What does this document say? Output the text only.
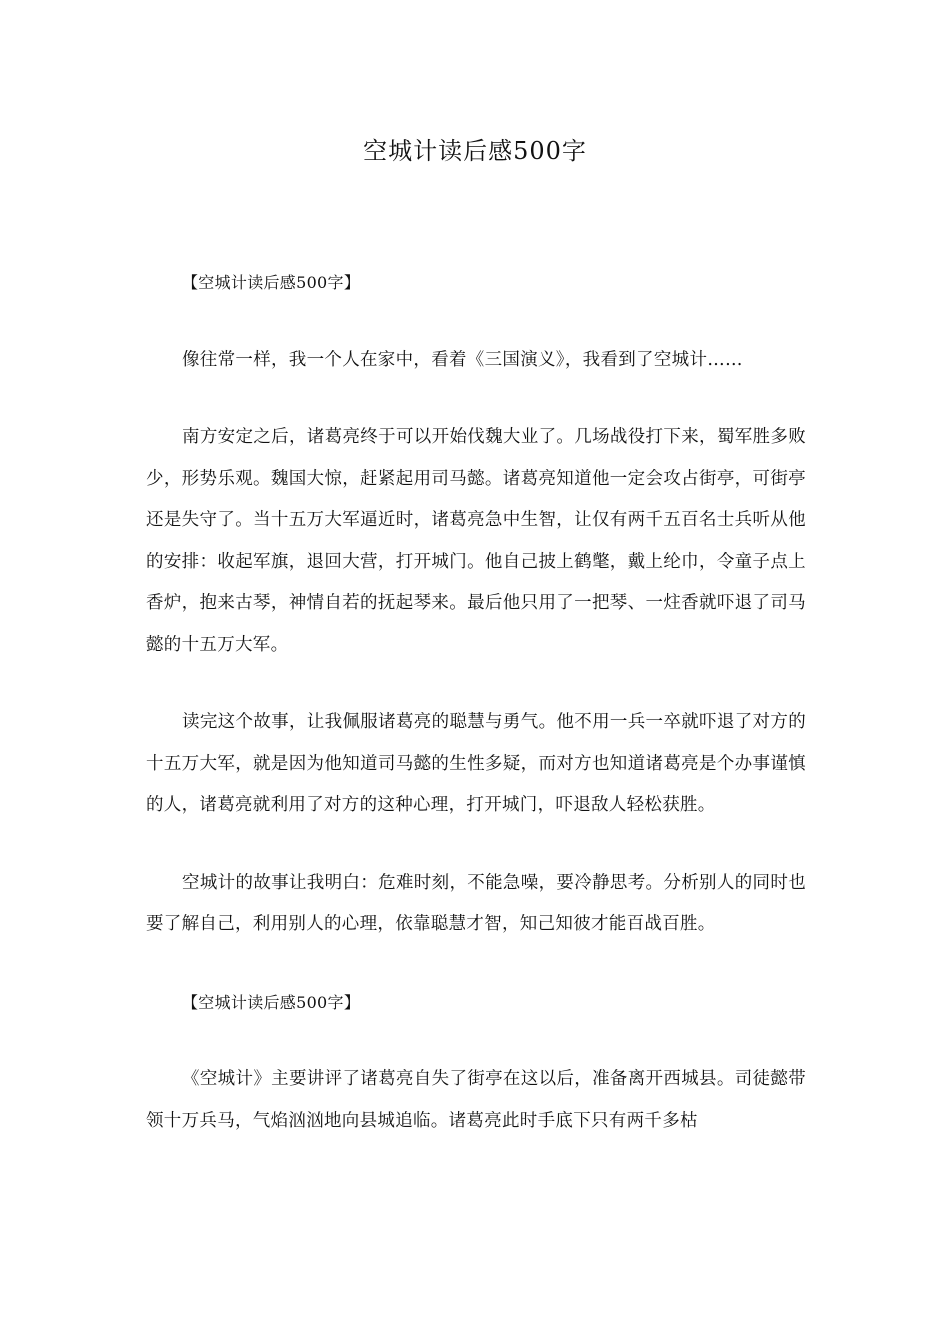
空城计读后感500字

【空城计读后感500字】

像往常一样，我一个人在家中，看着《三国演义》，我看到了空城计……

南方安定之后，诸葛亮终于可以开始伐魏大业了。几场战役打下来，蜀军胜多败少，形势乐观。魏国大惊，赶紧起用司马懿。诸葛亮知道他一定会攻占街亭，可街亭还是失守了。当十五万大军逼近时，诸葛亮急中生智，让仅有两千五百名士兵听从他的安排：收起军旗，退回大营，打开城门。他自己披上鹤氅，戴上纶巾，令童子点上香炉，抱来古琴，神情自若的抚起琴来。最后他只用了一把琴、一炷香就吓退了司马懿的十五万大军。

读完这个故事，让我佩服诸葛亮的聪慧与勇气。他不用一兵一卒就吓退了对方的十五万大军，就是因为他知道司马懿的生性多疑，而对方也知道诸葛亮是个办事谨慎的人，诸葛亮就利用了对方的这种心理，打开城门，吓退敌人轻松获胜。

空城计的故事让我明白：危难时刻，不能急噪，要冷静思考。分析别人的同时也要了解自己，利用别人的心理，依靠聪慧才智，知己知彼才能百战百胜。

【空城计读后感500字】

《空城计》主要讲评了诸葛亮自失了街亭在这以后，准备离开西城县。司徒懿带领十万兵马，气焰汹汹地向县城追临。诸葛亮此时手底下只有两千多枯
